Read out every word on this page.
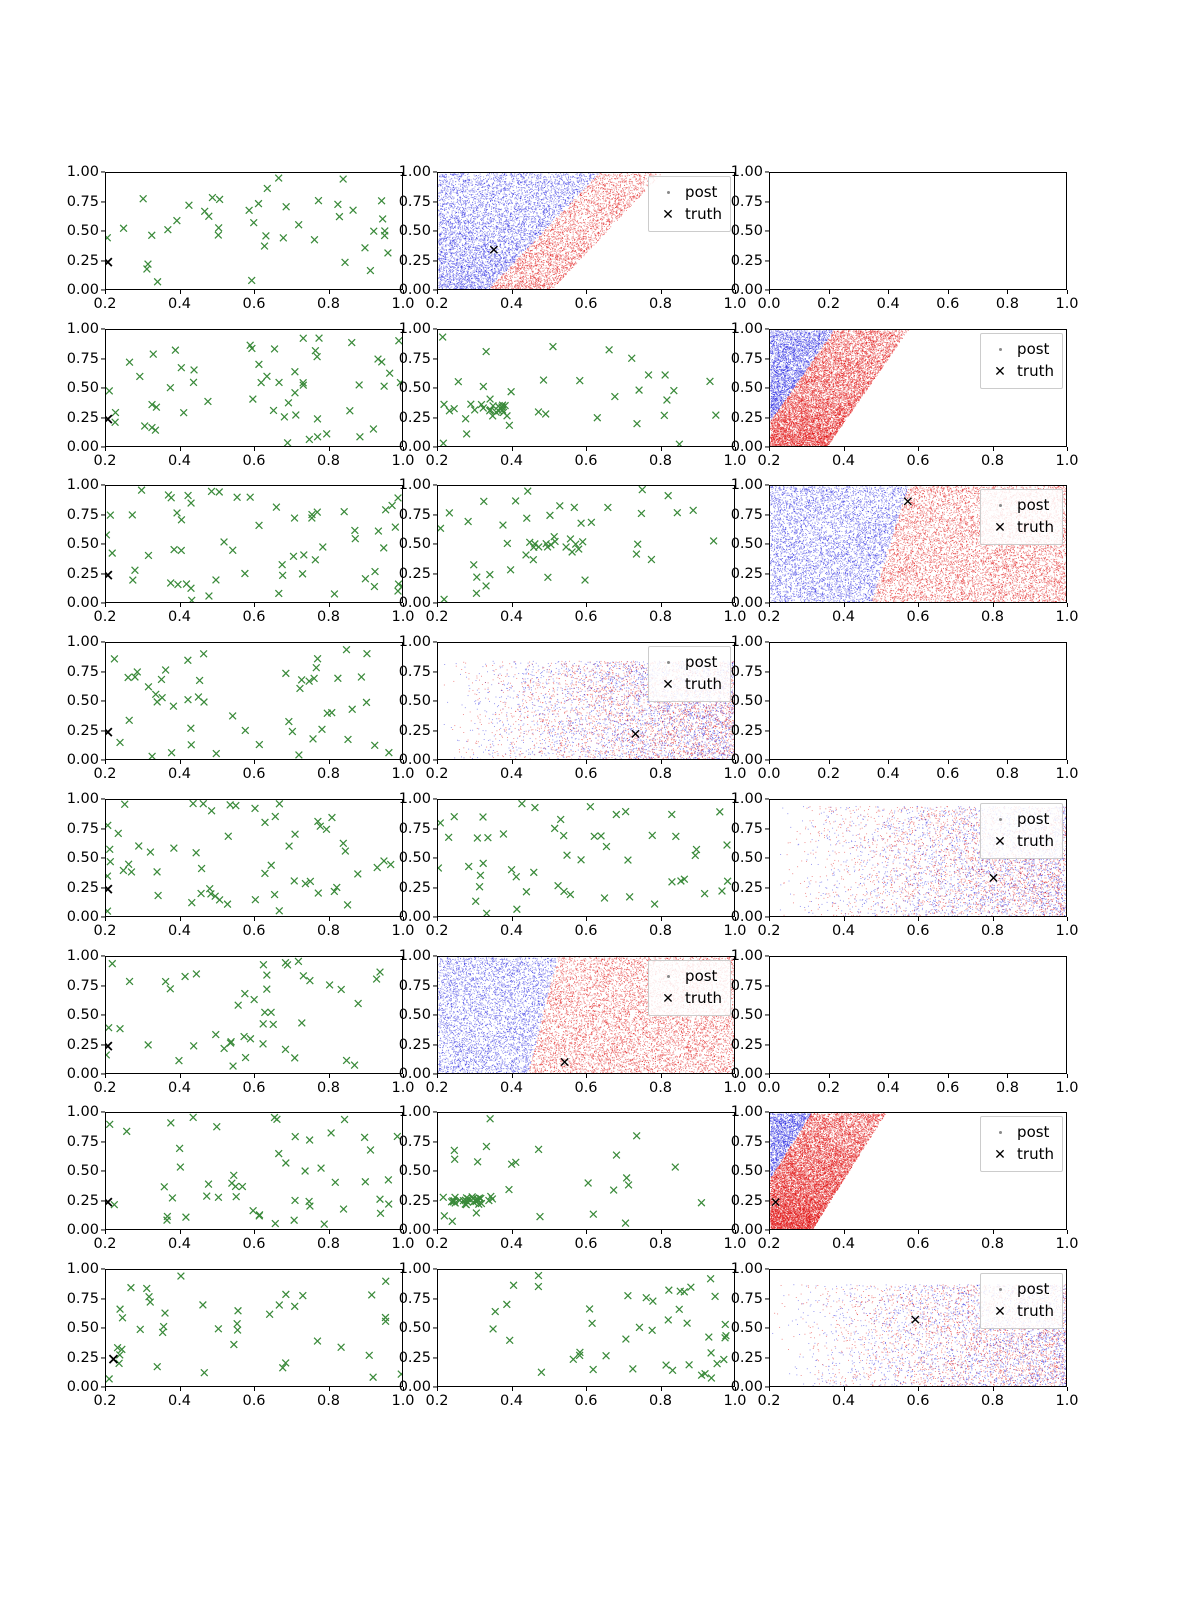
0.00
0.25
0.50
0.75
1.00
0.2	0.4	0.6	0.8	1.0
0.00
0.25
0.50
0.75
1.00
0.2	0.4	0.6	0.8	1.0
post
✕ truth
0.00
0.25
0.50
0.75
1.00
0.0	0.2	0.4	0.6	0.8	1.0
0.00
0.25
0.50
0.75
1.00
0.2	0.4	0.6	0.8	1.0
0.00
0.25
0.50
0.75
1.00
0.2	0.4	0.6	0.8	1.0
0.00
0.25
0.50
0.75
1.00
0.2	0.4	0.6	0.8	1.0
post
✕ truth
0.00
0.25
0.50
0.75
1.00
0.2	0.4	0.6	0.8	1.0
0.00
0.25
0.50
0.75
1.00
0.2	0.4	0.6	0.8	1.0
0.00
0.25
0.50
0.75
1.00
0.2	0.4	0.6	0.8	1.0
post
✕ truth
0.00
0.25
0.50
0.75
1.00
0.2	0.4	0.6	0.8	1.0
0.00
0.25
0.50
0.75
1.00
0.2	0.4	0.6	0.8	1.0
post
✕ truth
0.00
0.25
0.50
0.75
1.00
0.0	0.2	0.4	0.6	0.8	1.0
0.00
0.25
0.50
0.75
1.00
0.2	0.4	0.6	0.8	1.0
0.00
0.25
0.50
0.75
1.00
0.2	0.4	0.6	0.8	1.0
0.00
0.25
0.50
0.75
1.00
0.2	0.4	0.6	0.8	1.0
post
✕ truth
0.00
0.25
0.50
0.75
1.00
0.2	0.4	0.6	0.8	1.0
0.00
0.25
0.50
0.75
1.00
0.2	0.4	0.6	0.8	1.0
post
✕ truth
0.00
0.25
0.50
0.75
1.00
0.0	0.2	0.4	0.6	0.8	1.0
0.00
0.25
0.50
0.75
1.00
0.2	0.4	0.6	0.8	1.0
0.00
0.25
0.50
0.75
1.00
0.2	0.4	0.6	0.8	1.0
0.00
0.25
0.50
0.75
1.00
0.2	0.4	0.6	0.8	1.0
post
✕ truth
0.00
0.25
0.50
0.75
1.00
0.2	0.4	0.6	0.8	1.0
0.00
0.25
0.50
0.75
1.00
0.2	0.4	0.6	0.8	1.0
0.00
0.25
0.50
0.75
1.00
0.2	0.4	0.6	0.8	1.0
post
✕ truth
